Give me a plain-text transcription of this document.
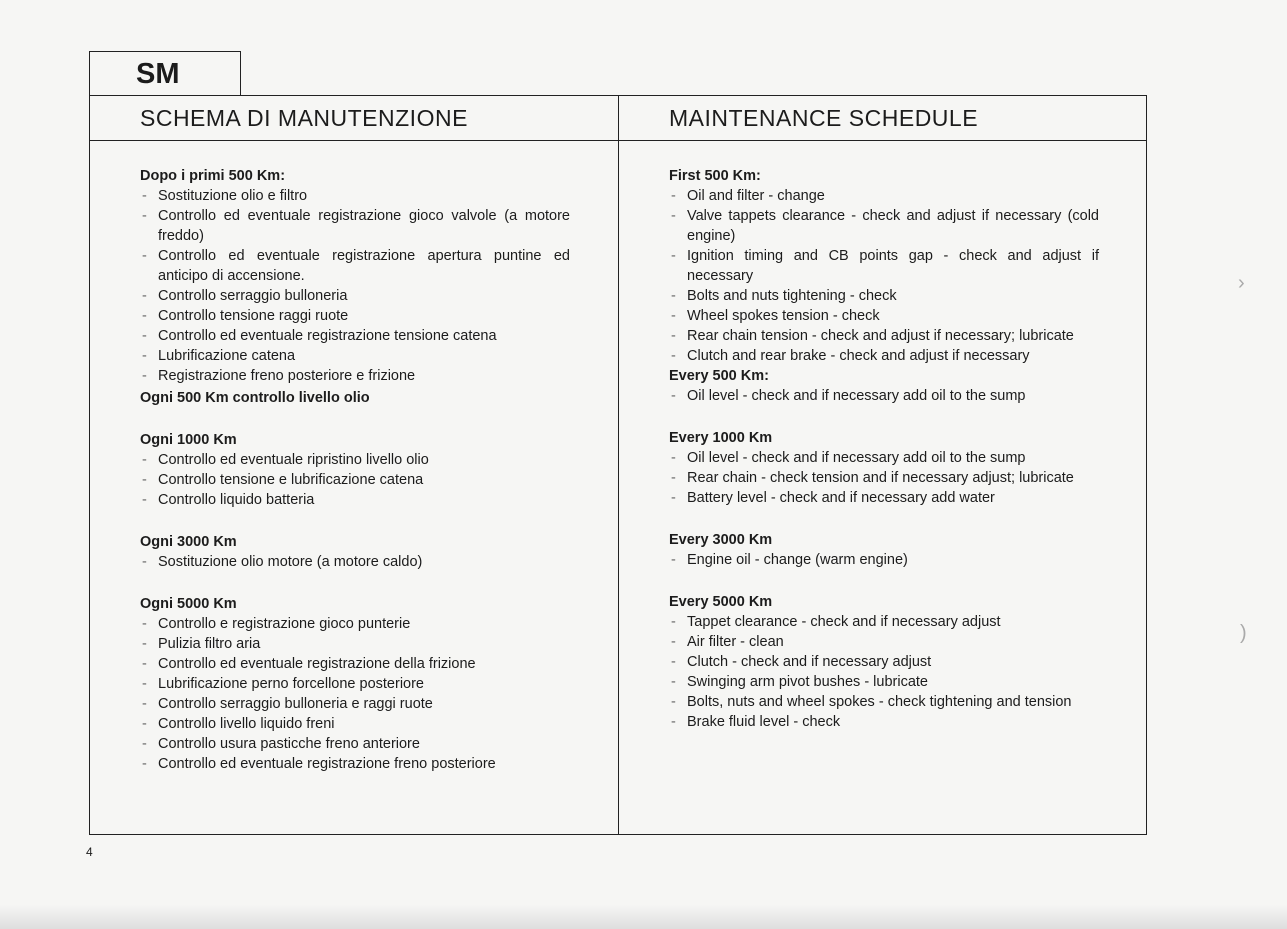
SM
SCHEMA DI MANUTENZIONE	MAINTENANCE SCHEDULE
Dopo i primi 500 Km:
- Sostituzione olio e filtro
- Controllo ed eventuale registrazione gioco valvole (a motore freddo)
- Controllo ed eventuale registrazione apertura puntine ed anticipo di accensione.
- Controllo serraggio bulloneria
- Controllo tensione raggi ruote
- Controllo ed eventuale registrazione tensione catena
- Lubrificazione catena
- Registrazione freno posteriore e frizione
Ogni 500 Km controllo livello olio
Ogni 1000 Km
- Controllo ed eventuale ripristino livello olio
- Controllo tensione e lubrificazione catena
- Controllo liquido batteria
Ogni 3000 Km
- Sostituzione olio motore (a motore caldo)
Ogni 5000 Km
- Controllo e registrazione gioco punterie
- Pulizia filtro aria
- Controllo ed eventuale registrazione della frizione
- Lubrificazione perno forcellone posteriore
- Controllo serraggio bulloneria e raggi ruote
- Controllo livello liquido freni
- Controllo usura pasticche freno anteriore
- Controllo ed eventuale registrazione freno posteriore
First 500 Km:
- Oil and filter - change
- Valve tappets clearance - check and adjust if necessary (cold engine)
- Ignition timing and CB points gap - check and adjust if necessary
- Bolts and nuts tightening - check
- Wheel spokes tension - check
- Rear chain tension - check and adjust if necessary; lubricate
- Clutch and rear brake - check and adjust if necessary
Every 500 Km:
- Oil level - check and if necessary add oil to the sump
Every 1000 Km
- Oil level - check and if necessary add oil to the sump
- Rear chain - check tension and if necessary adjust; lubricate
- Battery level - check and if necessary add water
Every 3000 Km
- Engine oil - change (warm engine)
Every 5000 Km
- Tappet clearance - check and if necessary adjust
- Air filter - clean
- Clutch - check and if necessary adjust
- Swinging arm pivot bushes - lubricate
- Bolts, nuts and wheel spokes - check tightening and tension
- Brake fluid level - check
4
›
)
